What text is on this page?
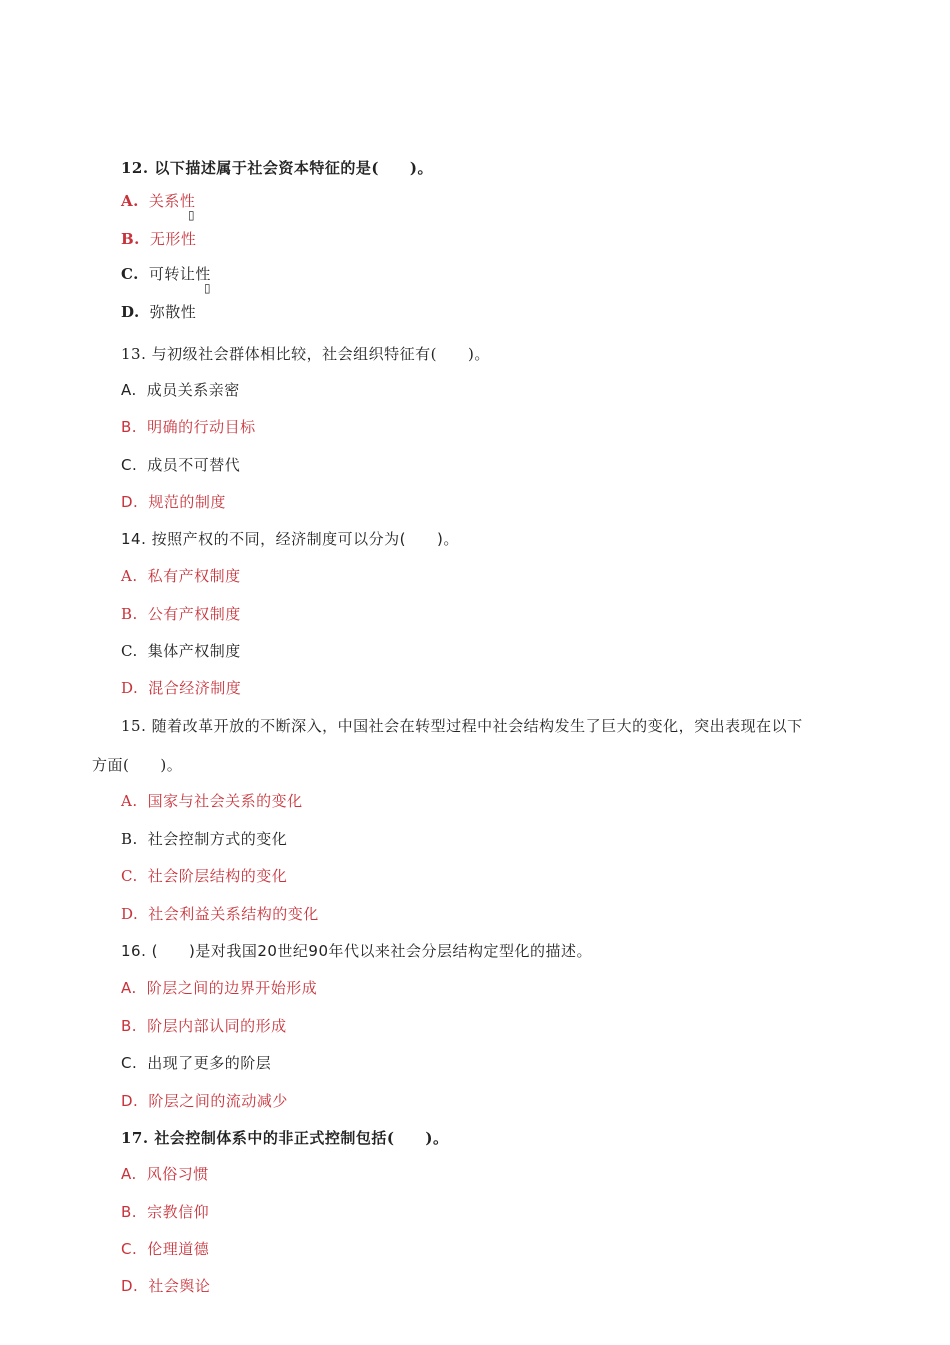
12. 以下描述属于社会资本特征的是(　　)。
A. 关系性
▯
B. 无形性
C. 可转让性
▯
D. 弥散性
13. 与初级社会群体相比较，社会组织特征有(　　)。
A. 成员关系亲密
B. 明确的行动目标
C. 成员不可替代
D. 规范的制度
14. 按照产权的不同，经济制度可以分为(　　)。
A. 私有产权制度
B. 公有产权制度
C. 集体产权制度
D. 混合经济制度
15. 随着改革开放的不断深入，中国社会在转型过程中社会结构发生了巨大的变化，突出表现在以下
方面(　　)。
A. 国家与社会关系的变化
B. 社会控制方式的变化
C. 社会阶层结构的变化
D. 社会利益关系结构的变化
16. (　　)是对我国20世纪90年代以来社会分层结构定型化的描述。
A. 阶层之间的边界开始形成
B. 阶层内部认同的形成
C. 出现了更多的阶层
D. 阶层之间的流动减少
17. 社会控制体系中的非正式控制包括(　　)。
A. 风俗习惯
B. 宗教信仰
C. 伦理道德
D. 社会舆论
